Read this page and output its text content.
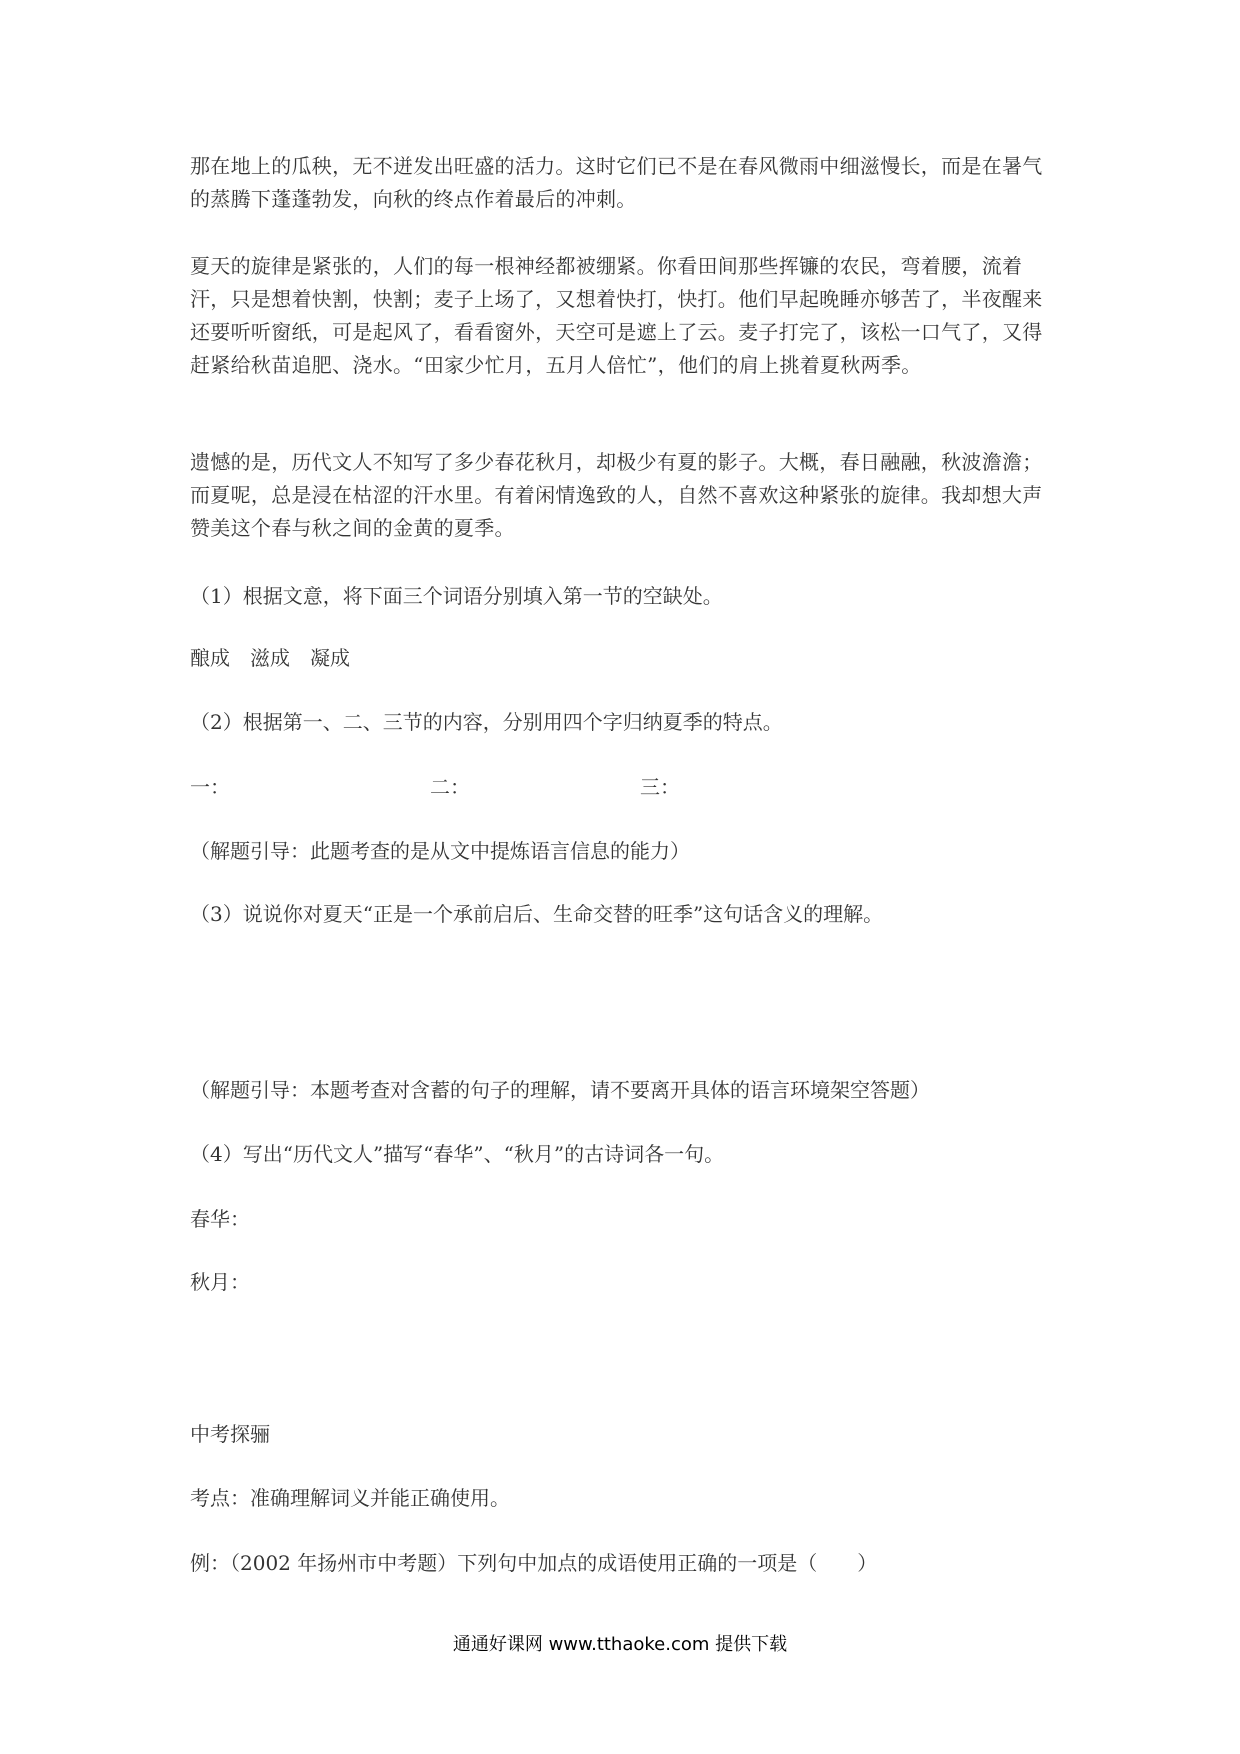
那在地上的瓜秧，无不迸发出旺盛的活力。这时它们已不是在春风微雨中细滋慢长，而是在暑气的蒸腾下蓬蓬勃发，向秋的终点作着最后的冲刺。

夏天的旋律是紧张的，人们的每一根神经都被绷紧。你看田间那些挥镰的农民，弯着腰，流着汗，只是想着快割，快割；麦子上场了，又想着快打，快打。他们早起晚睡亦够苦了，半夜醒来还要听听窗纸，可是起风了，看看窗外，天空可是遮上了云。麦子打完了，该松一口气了，又得赶紧给秋苗追肥、浇水。“田家少忙月，五月人倍忙”，他们的肩上挑着夏秋两季。

遗憾的是，历代文人不知写了多少春花秋月，却极少有夏的影子。大概，春日融融，秋波澹澹；而夏呢，总是浸在枯涩的汗水里。有着闲情逸致的人，自然不喜欢这种紧张的旋律。我却想大声赞美这个春与秋之间的金黄的夏季。

（1）根据文意，将下面三个词语分别填入第一节的空缺处。

酿成　滋成　凝成

（2）根据第一、二、三节的内容，分别用四个字归纳夏季的特点。

一：	二：	三：

（解题引导：此题考查的是从文中提炼语言信息的能力）

（3）说说你对夏天“正是一个承前启后、生命交替的旺季”这句话含义的理解。

（解题引导：本题考查对含蓄的句子的理解，请不要离开具体的语言环境架空答题）

（4）写出“历代文人”描写“春华”、“秋月”的古诗词各一句。

春华：

秋月：

中考探骊

考点：准确理解词义并能正确使用。

例：（2002 年扬州市中考题）下列句中加点的成语使用正确的一项是（　　）

通通好课网 www.tthaoke.com 提供下载
